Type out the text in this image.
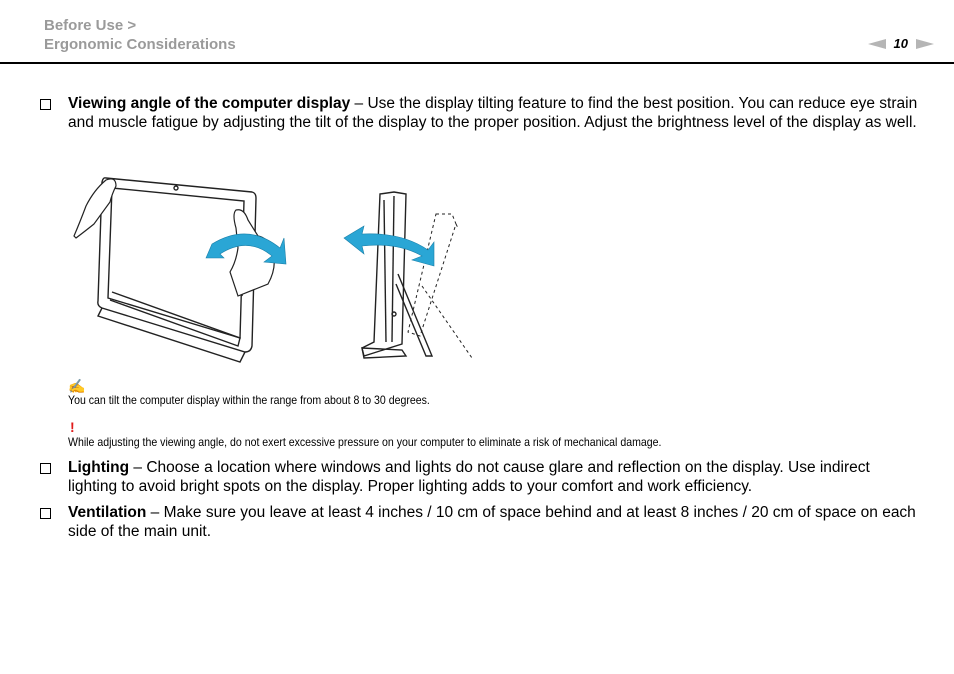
Before Use >
Ergonomic Considerations	10
Viewing angle of the computer display – Use the display tilting feature to find the best position. You can reduce eye strain and muscle fatigue by adjusting the tilt of the display to the proper position. Adjust the brightness level of the display as well.
✍
You can tilt the computer display within the range from about 8 to 30 degrees.
!
While adjusting the viewing angle, do not exert excessive pressure on your computer to eliminate a risk of mechanical damage.
Lighting – Choose a location where windows and lights do not cause glare and reflection on the display. Use indirect lighting to avoid bright spots on the display. Proper lighting adds to your comfort and work efficiency.
Ventilation – Make sure you leave at least 4 inches / 10 cm of space behind and at least 8 inches / 20 cm of space on each side of the main unit.
